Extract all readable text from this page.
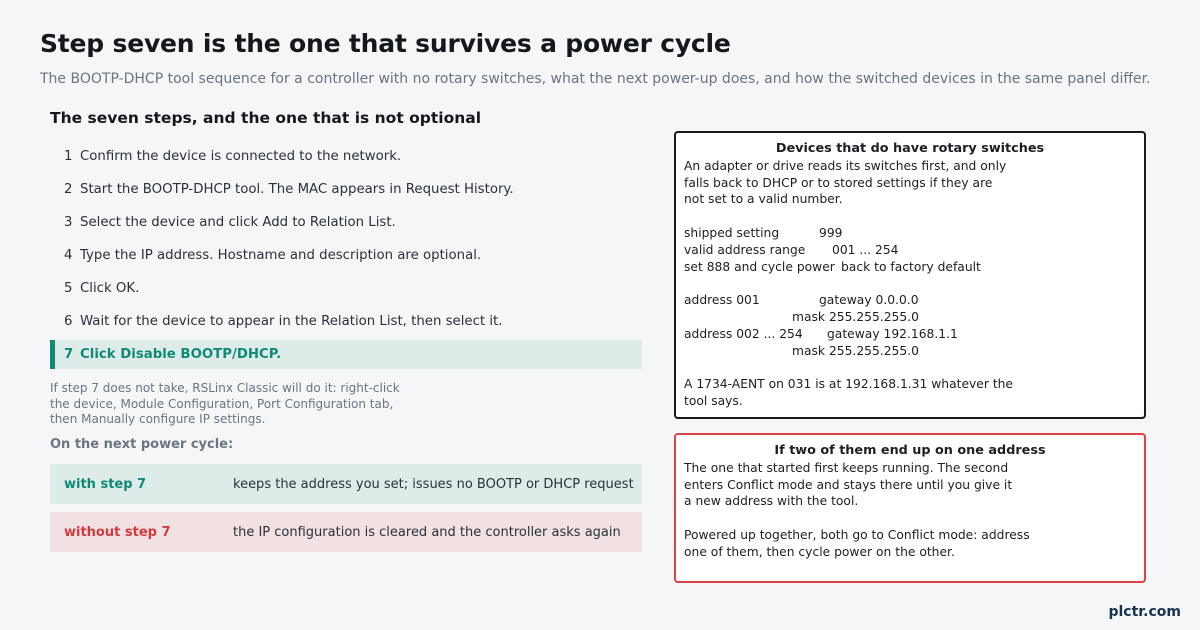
Step seven is the one that survives a power cycle

The BOOTP-DHCP tool sequence for a controller with no rotary switches, what the next power-up does, and how the switched devices in the same panel differ.

The seven steps, and the one that is not optional
1 Confirm the device is connected to the network.
2 Start the BOOTP-DHCP tool. The MAC appears in Request History.
3 Select the device and click Add to Relation List.
4 Type the IP address. Hostname and description are optional.
5 Click OK.
6 Wait for the device to appear in the Relation List, then select it.
7 Click Disable BOOTP/DHCP.

If step 7 does not take, RSLinx Classic will do it: right-click the device, Module Configuration, Port Configuration tab, then Manually configure IP settings.

On the next power cycle:

with step 7	keeps the address you set; issues no BOOTP or DHCP request
without step 7	the IP configuration is cleared and the controller asks again
Devices that do have rotary switches

An adapter or drive reads its switches first, and only

falls back to DHCP or to stored settings if they are

not set to a valid number.

shipped setting	999
valid address range	001 ... 254
set 888 and cycle power back to factory default
address 001	gateway 0.0.0.0
mask 255.255.255.0
address 002 ... 254	gateway 192.168.1.1
mask 255.255.255.0

A 1734-AENT on 031 is at 192.168.1.31 whatever the

tool says.

If two of them end up on one address

The one that started first keeps running. The second

enters Conflict mode and stays there until you give it

a new address with the tool.

Powered up together, both go to Conflict mode: address

one of them, then cycle power on the other.

plctr.com
